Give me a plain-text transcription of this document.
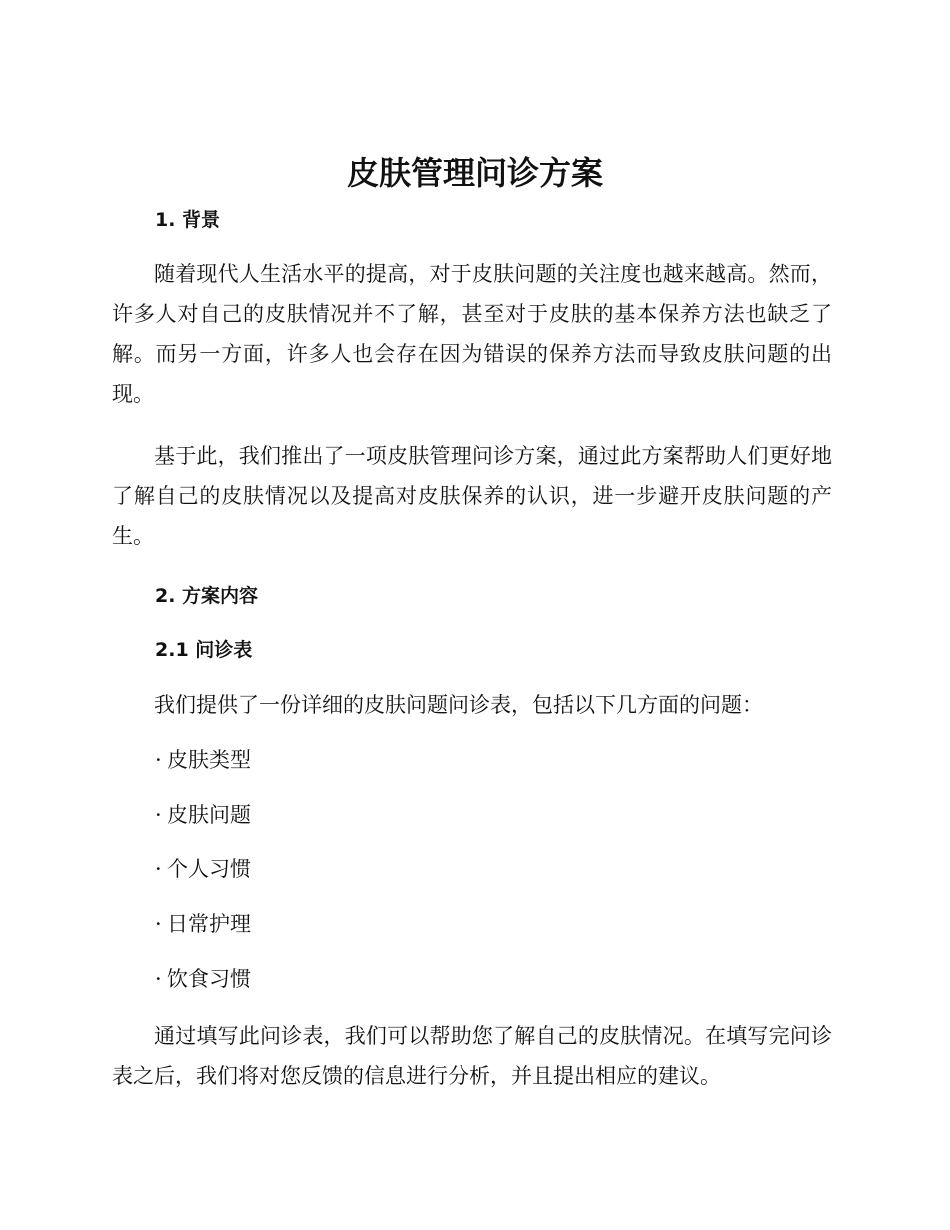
皮肤管理问诊方案
1. 背景

随着现代人生活水平的提高，对于皮肤问题的关注度也越来越高。然而，许多人对自己的皮肤情况并不了解，甚至对于皮肤的基本保养方法也缺乏了解。而另一方面，许多人也会存在因为错误的保养方法而导致皮肤问题的出现。

基于此，我们推出了一项皮肤管理问诊方案，通过此方案帮助人们更好地了解自己的皮肤情况以及提高对皮肤保养的认识，进一步避开皮肤问题的产生。

2. 方案内容
2.1 问诊表

我们提供了一份详细的皮肤问题问诊表，包括以下几方面的问题：

· 皮肤类型
· 皮肤问题
· 个人习惯
· 日常护理
· 饮食习惯

通过填写此问诊表，我们可以帮助您了解自己的皮肤情况。在填写完问诊表之后，我们将对您反馈的信息进行分析，并且提出相应的建议。
